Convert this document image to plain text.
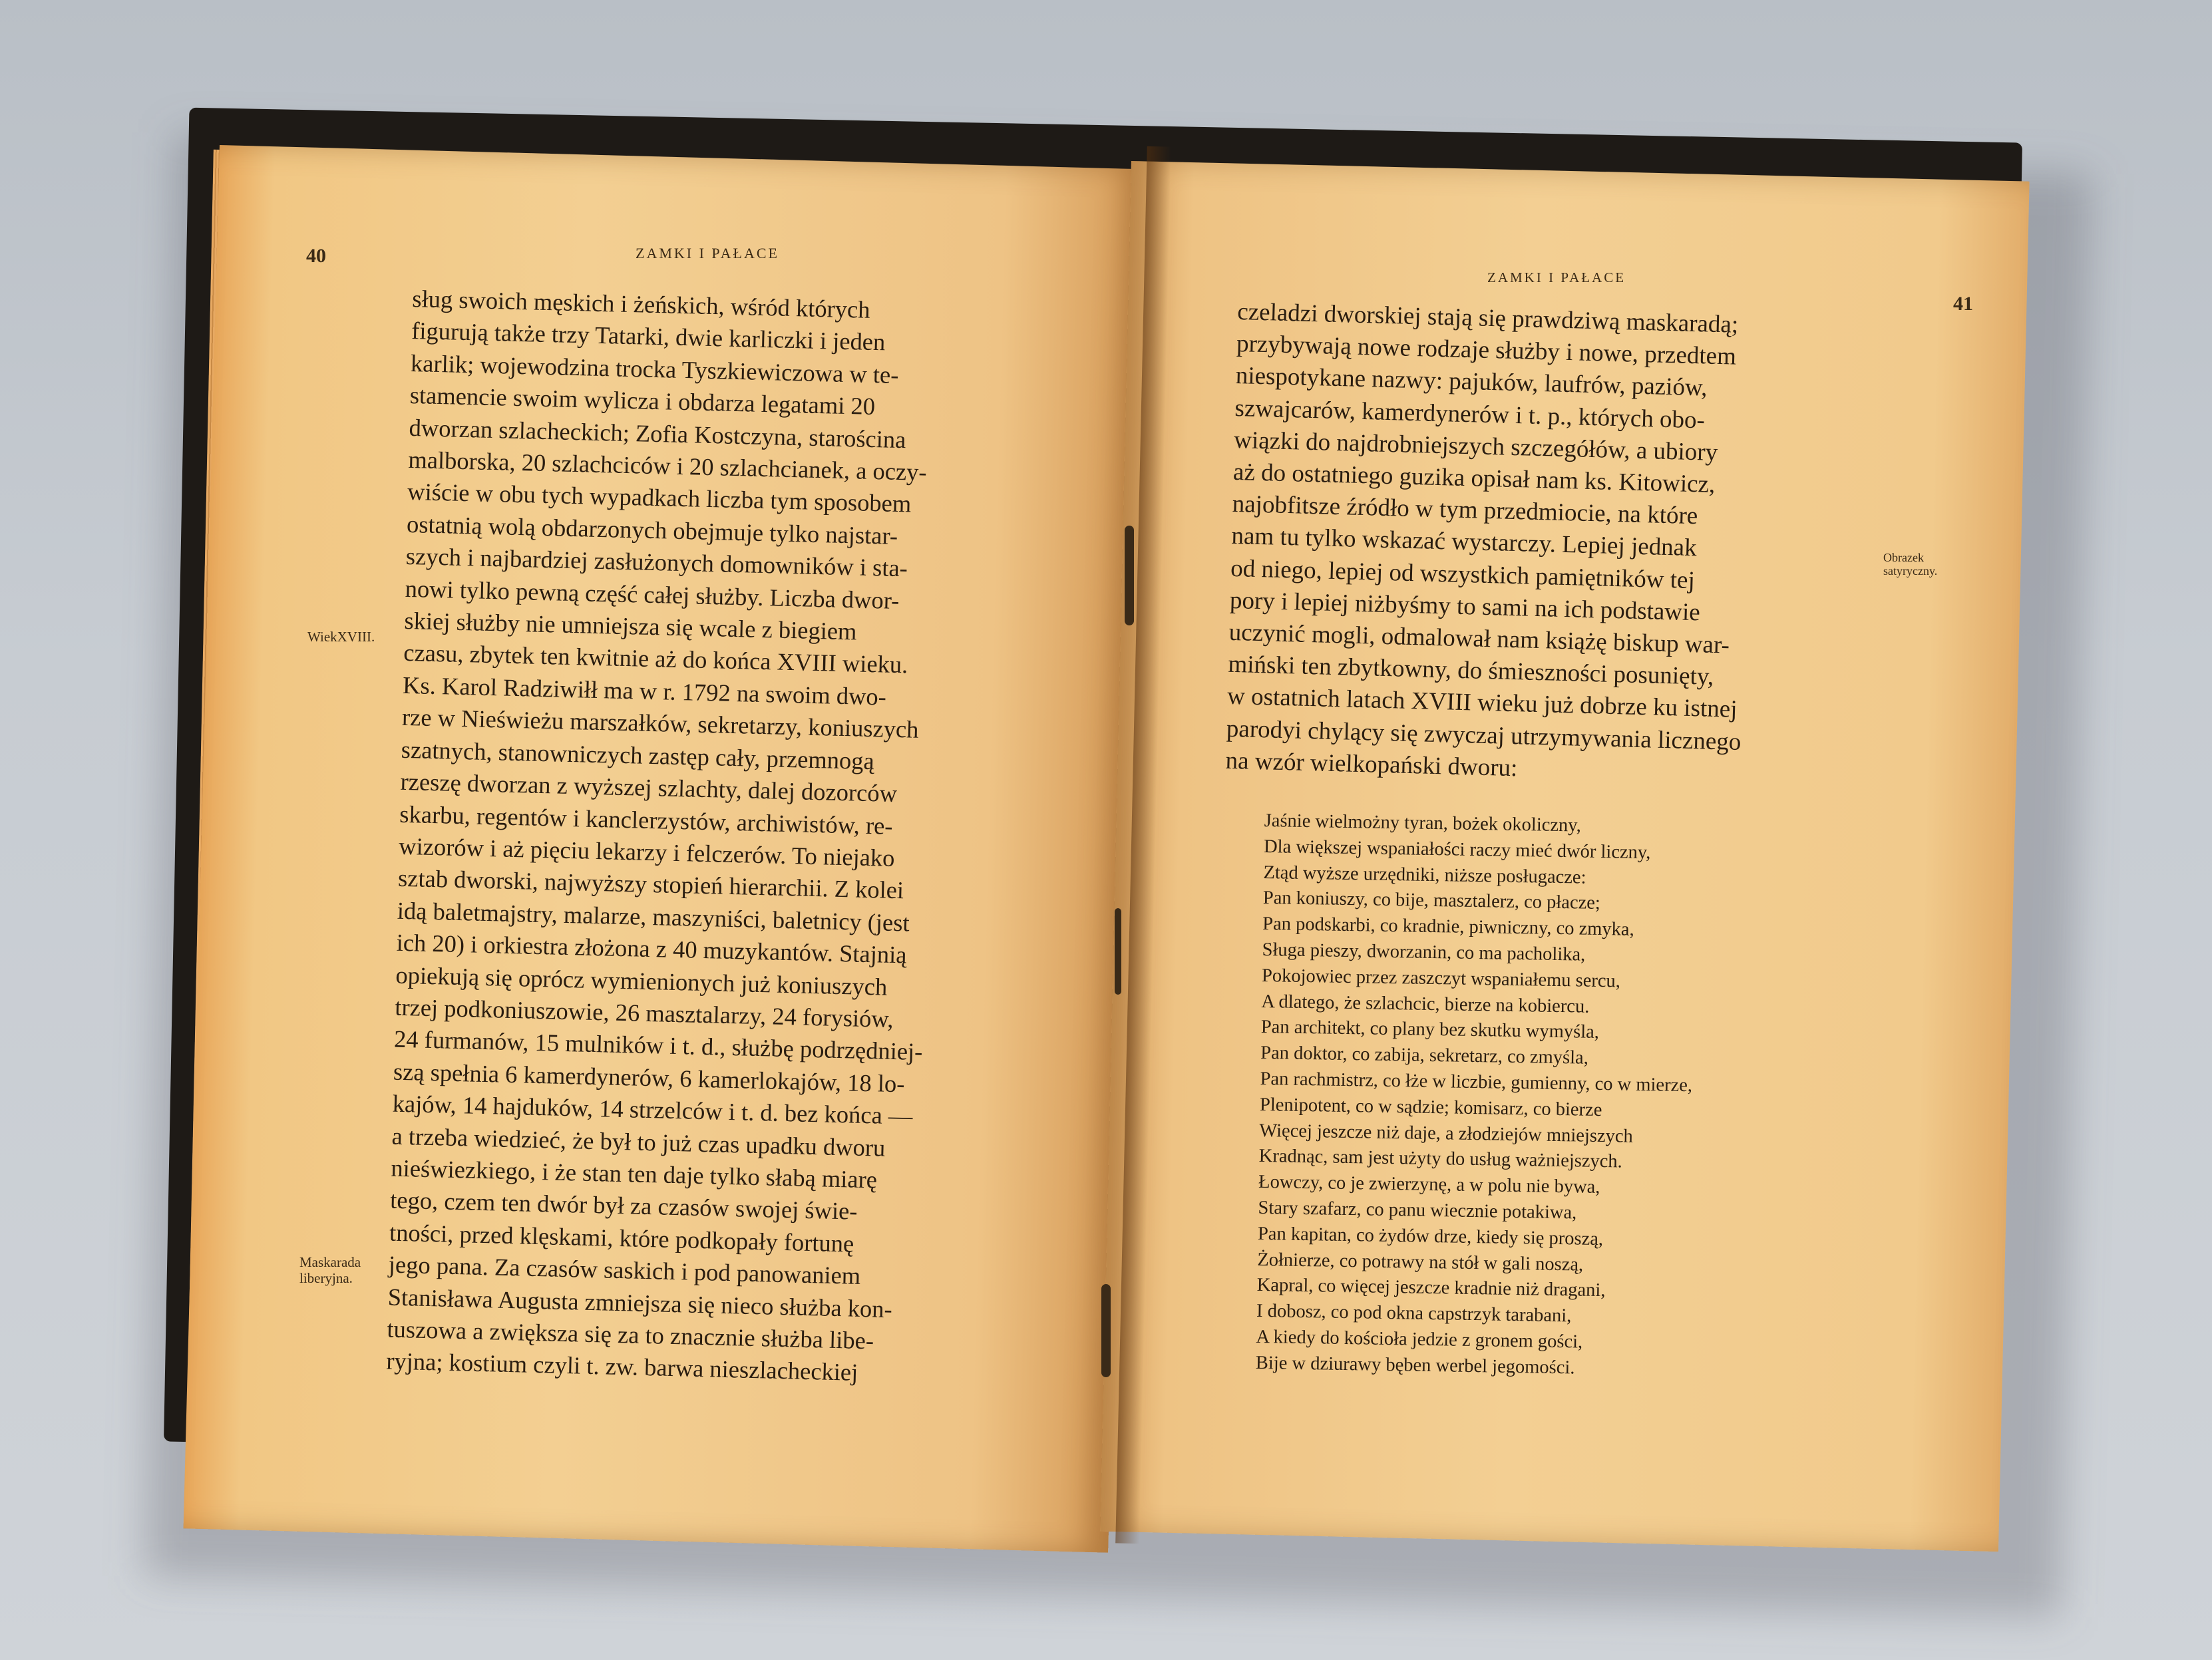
40	ZAMKI I PAŁACE
WiekXVIII.
Maskarada
liberyjna.
sług swoich męskich i żeńskich, wśród których
figurują także trzy Tatarki, dwie karliczki i jeden
karlik; wojewodzina trocka Tyszkiewiczowa w te-
stamencie swoim wylicza i obdarza legatami 20
dworzan szlacheckich; Zofia Kostczyna, starościna
malborska, 20 szlachciców i 20 szlachcianek, a oczy-
wiście w obu tych wypadkach liczba tym sposobem
ostatnią wolą obdarzonych obejmuje tylko najstar-
szych i najbardziej zasłużonych domowników i sta-
nowi tylko pewną część całej służby. Liczba dwor-
skiej służby nie umniejsza się wcale z biegiem
czasu, zbytek ten kwitnie aż do końca XVIII wieku.
Ks. Karol Radziwiłł ma w r. 1792 na swoim dwo-
rze w Nieświeżu marszałków, sekretarzy, koniuszych
szatnych, stanowniczych zastęp cały, przemnogą
rzeszę dworzan z wyższej szlachty, dalej dozorców
skarbu, regentów i kanclerzystów, archiwistów, re-
wizorów i aż pięciu lekarzy i felczerów. To niejako
sztab dworski, najwyższy stopień hierarchii. Z kolei
idą baletmajstry, malarze, maszyniści, baletnicy (jest
ich 20) i orkiestra złożona z 40 muzykantów. Stajnią
opiekują się oprócz wymienionych już koniuszych
trzej podkoniuszowie, 26 masztalarzy, 24 forysiów,
24 furmanów, 15 mulników i t. d., służbę podrzędniej-
szą spełnia 6 kamerdynerów, 6 kamerlokajów, 18 lo-
kajów, 14 hajduków, 14 strzelców i t. d. bez końca —
a trzeba wiedzieć, że był to już czas upadku dworu
nieświezkiego, i że stan ten daje tylko słabą miarę
tego, czem ten dwór był za czasów swojej świe-
tności, przed klęskami, które podkopały fortunę
jego pana. Za czasów saskich i pod panowaniem
Stanisława Augusta zmniejsza się nieco służba kon-
tuszowa a zwiększa się za to znacznie służba libe-
ryjna; kostium czyli t. zw. barwa nieszlacheckiej
ZAMKI I PAŁACE
41
Obrazek
satyryczny.
czeladzi dworskiej stają się prawdziwą maskaradą;
przybywają nowe rodzaje służby i nowe, przedtem
niespotykane nazwy: pajuków, laufrów, paziów,
szwajcarów, kamerdynerów i t. p., których obo-
wiązki do najdrobniejszych szczegółów, a ubiory
aż do ostatniego guzika opisał nam ks. Kitowicz,
najobfitsze źródło w tym przedmiocie, na które
nam tu tylko wskazać wystarczy. Lepiej jednak
od niego, lepiej od wszystkich pamiętników tej
pory i lepiej niżbyśmy to sami na ich podstawie
uczynić mogli, odmalował nam książę biskup war-
miński ten zbytkowny, do śmieszności posunięty,
w ostatnich latach XVIII wieku już dobrze ku istnej
parodyi chylący się zwyczaj utrzymywania licznego
na wzór wielkopański dworu:
Jaśnie wielmożny tyran, bożek okoliczny,
Dla większej wspaniałości raczy mieć dwór liczny,
Ztąd wyższe urzędniki, niższe posługacze:
Pan koniuszy, co bije, masztalerz, co płacze;
Pan podskarbi, co kradnie, piwniczny, co zmyka,
Sługa pieszy, dworzanin, co ma pacholika,
Pokojowiec przez zaszczyt wspaniałemu sercu,
A dlatego, że szlachcic, bierze na kobiercu.
Pan architekt, co plany bez skutku wymyśla,
Pan doktor, co zabija, sekretarz, co zmyśla,
Pan rachmistrz, co łże w liczbie, gumienny, co w mierze,
Plenipotent, co w sądzie; komisarz, co bierze
Więcej jeszcze niż daje, a złodziejów mniejszych
Kradnąc, sam jest użyty do usług ważniejszych.
Łowczy, co je zwierzynę, a w polu nie bywa,
Stary szafarz, co panu wiecznie potakiwa,
Pan kapitan, co żydów drze, kiedy się proszą,
Żołnierze, co potrawy na stół w gali noszą,
Kapral, co więcej jeszcze kradnie niż dragani,
I dobosz, co pod okna capstrzyk tarabani,
A kiedy do kościoła jedzie z gronem gości,
Bije w dziurawy bęben werbel jegomości.
